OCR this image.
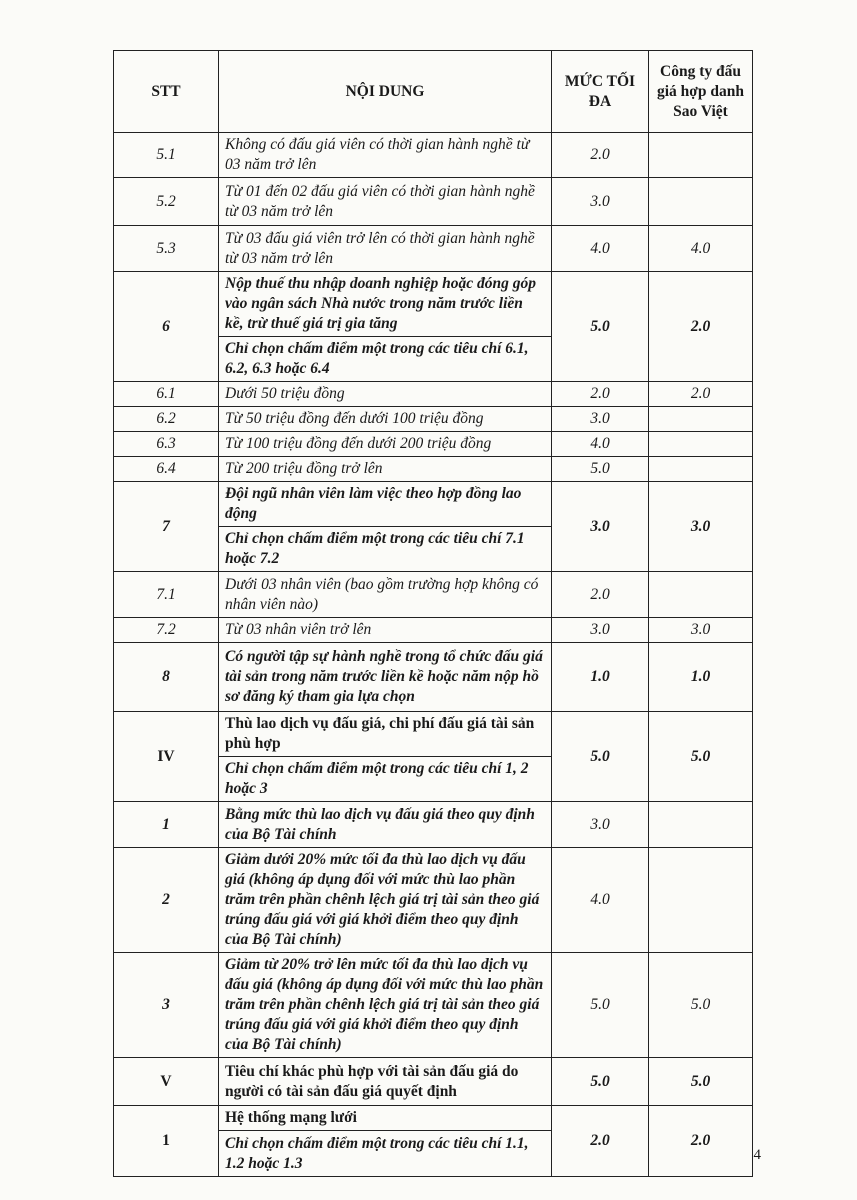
STT	NỘI DUNG	MỨC TỐI ĐA	Công ty đấu giá hợp danh Sao Việt
5.1	Không có đấu giá viên có thời gian hành nghề từ 03 năm trở lên	2.0	
5.2	Từ 01 đến 02 đấu giá viên có thời gian hành nghề từ 03 năm trở lên	3.0	
5.3	Từ 03 đấu giá viên trở lên có thời gian hành nghề từ 03 năm trở lên	4.0	4.0
6	Nộp thuế thu nhập doanh nghiệp hoặc đóng góp vào ngân sách Nhà nước trong năm trước liền kề, trừ thuế giá trị gia tăng	5.0	2.0
	Chỉ chọn chấm điểm một trong các tiêu chí 6.1, 6.2, 6.3 hoặc 6.4		
6.1	Dưới 50 triệu đồng	2.0	2.0
6.2	Từ 50 triệu đồng đến dưới 100 triệu đồng	3.0	
6.3	Từ 100 triệu đồng đến dưới 200 triệu đồng	4.0	
6.4	Từ 200 triệu đồng trở lên	5.0	
7	Đội ngũ nhân viên làm việc theo hợp đồng lao động	3.0	3.0
	Chỉ chọn chấm điểm một trong các tiêu chí 7.1 hoặc 7.2		
7.1	Dưới 03 nhân viên (bao gồm trường hợp không có nhân viên nào)	2.0	
7.2	Từ 03 nhân viên trở lên	3.0	3.0
8	Có người tập sự hành nghề trong tổ chức đấu giá tài sản trong năm trước liền kề hoặc năm nộp hồ sơ đăng ký tham gia lựa chọn	1.0	1.0
IV	Thù lao dịch vụ đấu giá, chi phí đấu giá tài sản phù hợp	5.0	5.0
	Chỉ chọn chấm điểm một trong các tiêu chí 1, 2 hoặc 3		
1	Bằng mức thù lao dịch vụ đấu giá theo quy định của Bộ Tài chính	3.0	
2	Giảm dưới 20% mức tối đa thù lao dịch vụ đấu giá (không áp dụng đối với mức thù lao phần trăm trên phần chênh lệch giá trị tài sản theo giá trúng đấu giá với giá khởi điểm theo quy định của Bộ Tài chính)	4.0	
3	Giảm từ 20% trở lên mức tối đa thù lao dịch vụ đấu giá (không áp dụng đối với mức thù lao phần trăm trên phần chênh lệch giá trị tài sản theo giá trúng đấu giá với giá khởi điểm theo quy định của Bộ Tài chính)	5.0	5.0
V	Tiêu chí khác phù hợp với tài sản đấu giá do người có tài sản đấu giá quyết định	5.0	5.0
1	Hệ thống mạng lưới	2.0	2.0
	Chỉ chọn chấm điểm một trong các tiêu chí 1.1, 1.2 hoặc 1.3			4
